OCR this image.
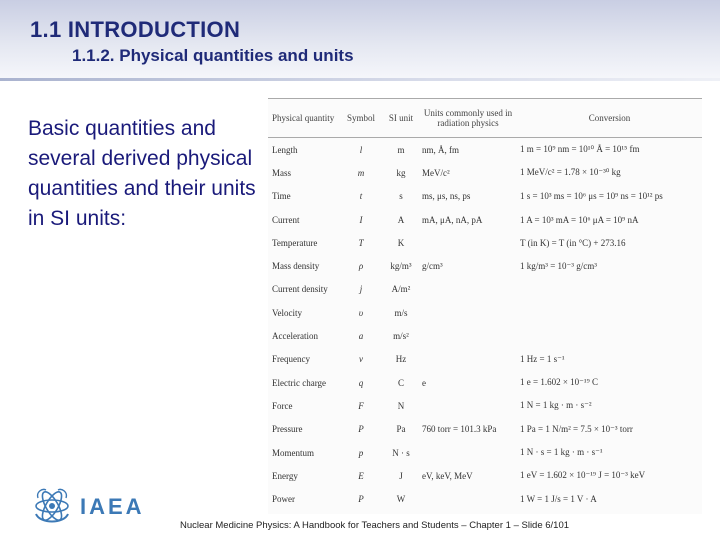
1.1 INTRODUCTION
1.1.2. Physical quantities and units
Basic quantities and several derived physical quantities and their units in SI units:
Physical quantity	Symbol	SI unit	Units commonly used in radiation physics	Conversion
Length	l	m	nm, Å, fm	1 m = 10⁹ nm = 10¹⁰ Å = 10¹⁵ fm
Mass	m	kg	MeV/c²	1 MeV/c² = 1.78 × 10⁻³⁰ kg
Time	t	s	ms, μs, ns, ps	1 s = 10³ ms = 10⁶ μs = 10⁹ ns = 10¹² ps
Current	I	A	mA, μA, nA, pA	1 A = 10³ mA = 10⁶ μA = 10⁹ nA
Temperature	T	K		T (in K) = T (in °C) + 273.16
Mass density	ρ	kg/m³	g/cm³	1 kg/m³ = 10⁻³ g/cm³
Current density	j	A/m²		
Velocity	υ	m/s		
Acceleration	a	m/s²		
Frequency	ν	Hz		1 Hz = 1 s⁻¹
Electric charge	q	C	e	1 e = 1.602 × 10⁻¹⁹ C
Force	F	N		1 N = 1 kg · m · s⁻²
Pressure	P	Pa	760 torr = 101.3 kPa	1 Pa = 1 N/m² = 7.5 × 10⁻³ torr
Momentum	p	N · s		1 N · s = 1 kg · m · s⁻¹
Energy	E	J	eV, keV, MeV	1 eV = 1.602 × 10⁻¹⁹ J = 10⁻³ keV
Power	P	W		1 W = 1 J/s = 1 V · A
IAEA
Nuclear Medicine Physics: A Handbook for Teachers and Students – Chapter 1 – Slide 6/101
